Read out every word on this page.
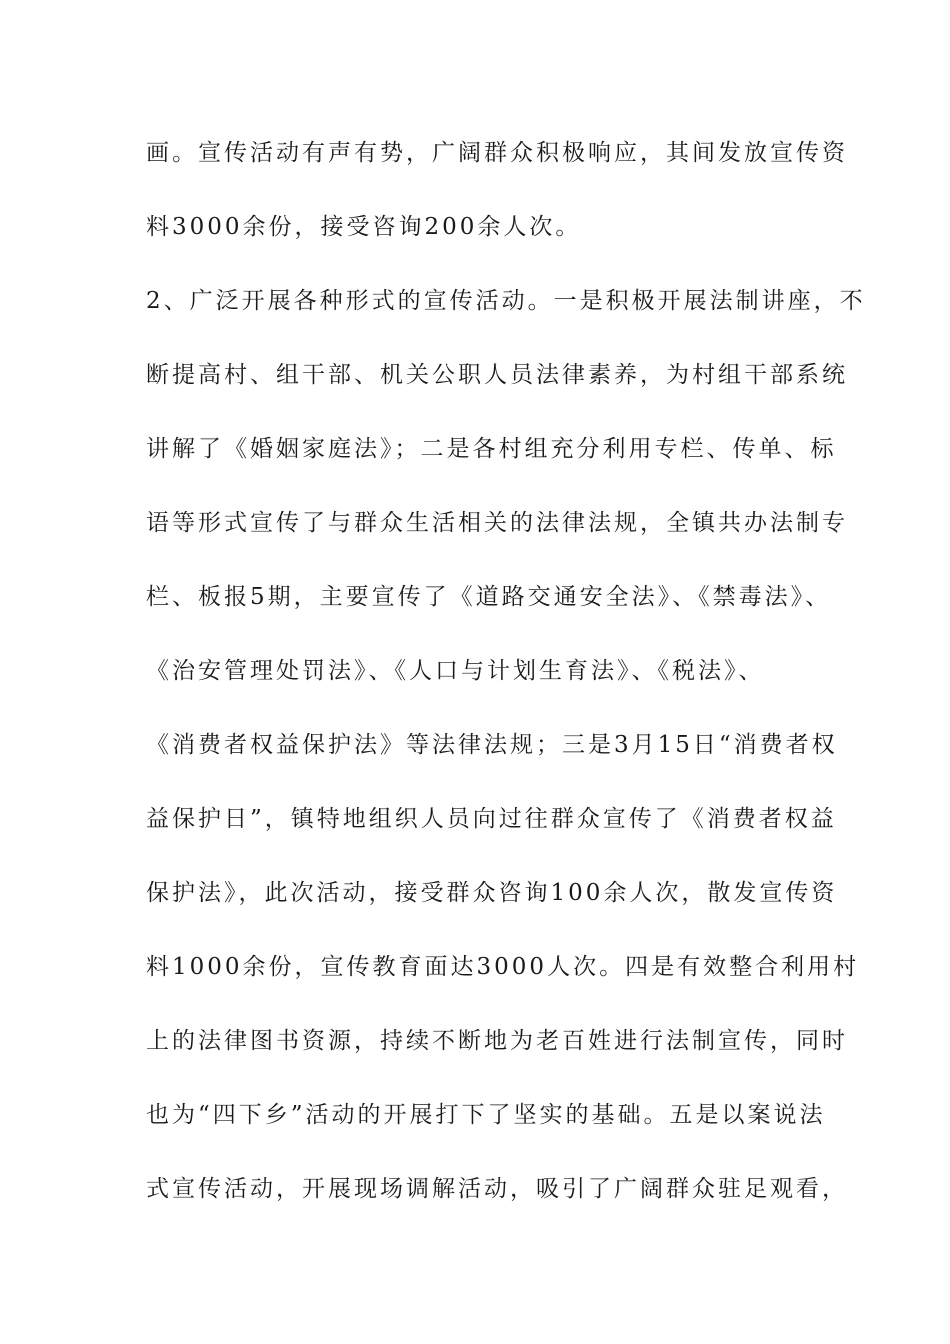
画。宣传活动有声有势，广阔群众积极响应，其间发放宣传资
料3000余份，接受咨询200余人次。
2、广泛开展各种形式的宣传活动。一是积极开展法制讲座，不
断提高村、组干部、机关公职人员法律素养，为村组干部系统
讲解了《婚姻家庭法》；二是各村组充分利用专栏、传单、标
语等形式宣传了与群众生活相关的法律法规，全镇共办法制专
栏、板报5期，主要宣传了《道路交通安全法》、《禁毒法》、
《治安管理处罚法》、《人口与计划生育法》、《税法》、
《消费者权益保护法》等法律法规；三是3月15日“消费者权
益保护日”，镇特地组织人员向过往群众宣传了《消费者权益
保护法》，此次活动，接受群众咨询100余人次，散发宣传资
料1000余份，宣传教育面达3000人次。四是有效整合利用村
上的法律图书资源，持续不断地为老百姓进行法制宣传，同时
也为“四下乡”活动的开展打下了坚实的基础。五是以案说法
式宣传活动，开展现场调解活动，吸引了广阔群众驻足观看，
